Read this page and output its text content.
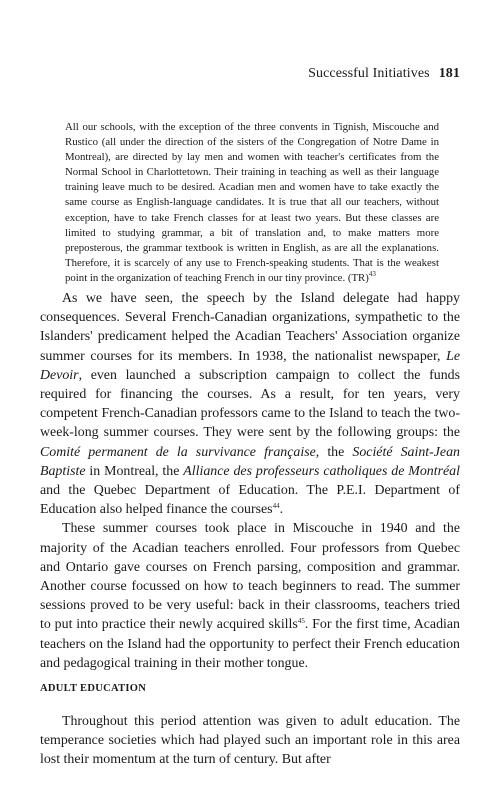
Successful Initiatives 181

All our schools, with the exception of the three convents in Tignish, Miscouche and Rustico (all under the direction of the sisters of the Congregation of Notre Dame in Montreal), are directed by lay men and women with teacher's certificates from the Normal School in Charlottetown. Their training in teaching as well as their language training leave much to be desired. Acadian men and women have to take exactly the same course as English-language candidates. It is true that all our teachers, without exception, have to take French classes for at least two years. But these classes are limited to studying grammar, a bit of translation and, to make matters more preposterous, the grammar textbook is written in English, as are all the explanations. Therefore, it is scarcely of any use to French-speaking students. That is the weakest point in the organization of teaching French in our tiny province. (TR)$^{43}$

As we have seen, the speech by the Island delegate had happy consequences. Several French-Canadian organizations, sympathetic to the Islanders' predicament helped the Acadian Teachers' Association organize summer courses for its members. In 1938, the nationalist newspaper, Le Devoir, even launched a subscription campaign to collect the funds required for financing the courses. As a result, for ten years, very competent French-Canadian professors came to the Island to teach the two-week-long summer courses. They were sent by the following groups: the Comité permanent de la survivance française, the Société Saint-Jean Baptiste in Montreal, the Alliance des professeurs catholiques de Montréal and the Quebec Department of Education. The P.E.I. Department of Education also helped finance the courses$^{44}$.

These summer courses took place in Miscouche in 1940 and the majority of the Acadian teachers enrolled. Four professors from Quebec and Ontario gave courses on French parsing, composition and grammar. Another course focussed on how to teach beginners to read. The summer sessions proved to be very useful: back in their classrooms, teachers tried to put into practice their newly acquired skills$^{45}$. For the first time, Acadian teachers on the Island had the opportunity to perfect their French education and pedagogical training in their mother tongue.

ADULT EDUCATION

Throughout this period attention was given to adult education. The temperance societies which had played such an important role in this area lost their momentum at the turn of century. But after
